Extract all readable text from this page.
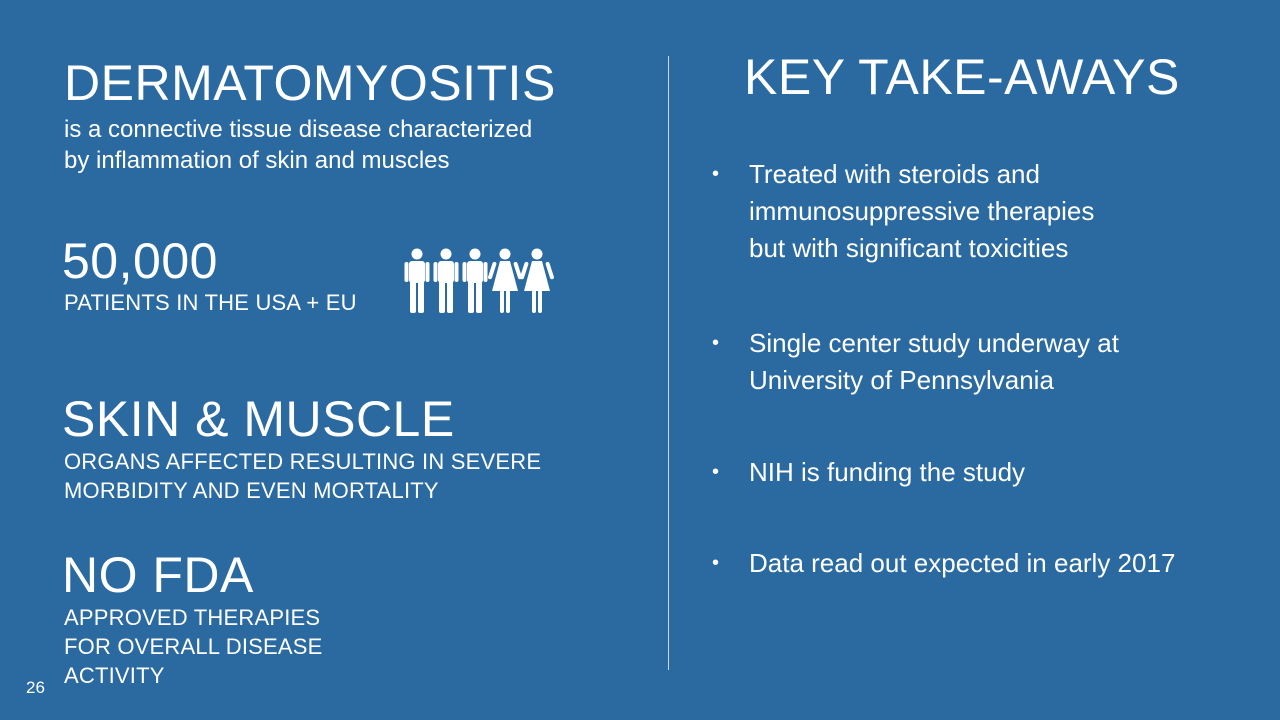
DERMATOMYOSITIS
is a connective tissue disease characterized
by inflammation of skin and muscles
50,000
PATIENTS IN THE USA + EU
SKIN & MUSCLE
ORGANS AFFECTED RESULTING IN SEVERE
MORBIDITY AND EVEN MORTALITY
NO FDA
APPROVED THERAPIES
FOR OVERALL DISEASE
ACTIVITY
26
KEY TAKE-AWAYS
•	Treated with steroids and
immunosuppressive therapies
but with significant toxicities
•	Single center study underway at
University of Pennsylvania
•	NIH is funding the study
•	Data read out expected in early 2017
